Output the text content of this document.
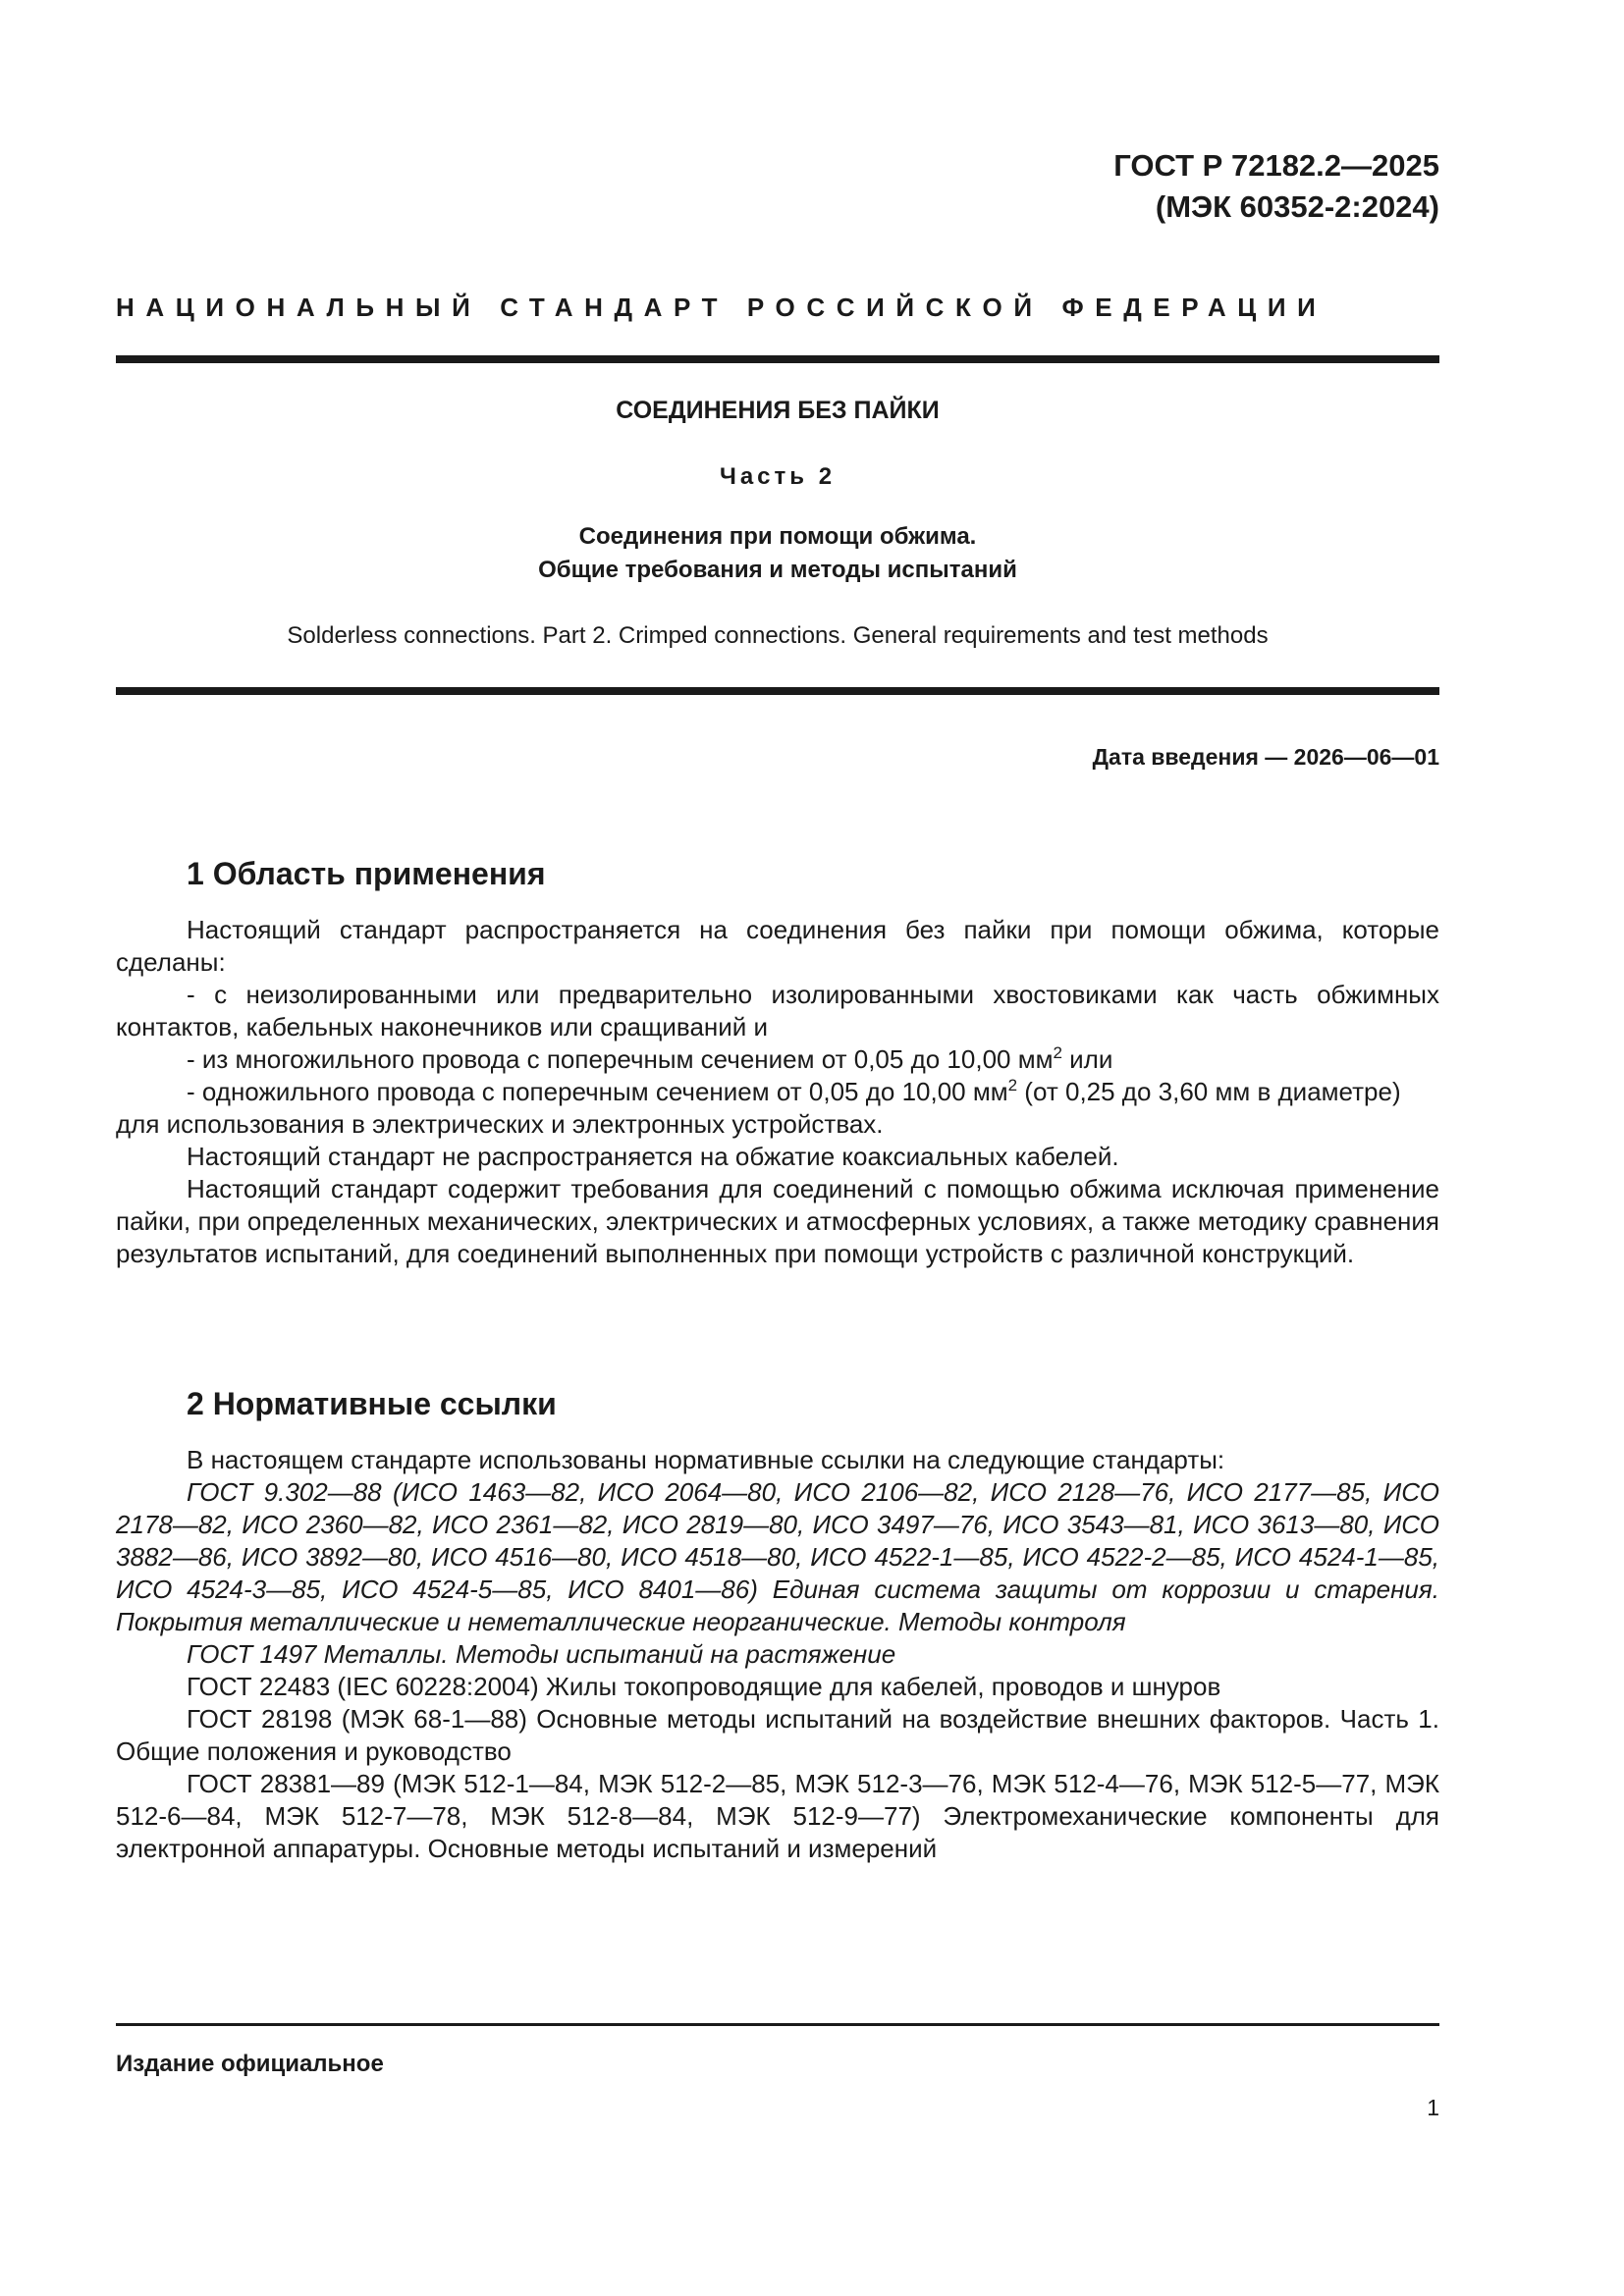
ГОСТ Р 72182.2—2025
(МЭК 60352-2:2024)
НАЦИОНАЛЬНЫЙ СТАНДАРТ РОССИЙСКОЙ ФЕДЕРАЦИИ
СОЕДИНЕНИЯ БЕЗ ПАЙКИ
Часть 2
Соединения при помощи обжима.
Общие требования и методы испытаний
Solderless connections. Part 2. Crimped connections. General requirements and test methods
Дата введения — 2026—06—01
1 Область применения

Настоящий стандарт распространяется на соединения без пайки при помощи обжима, которые сделаны:

- с неизолированными или предварительно изолированными хвостовиками как часть обжимных контактов, кабельных наконечников или сращиваний и

- из многожильного провода с поперечным сечением от 0,05 до 10,00 $мм^2$ или

- одножильного провода с поперечным сечением от 0,05 до 10,00 $мм^2$ (от 0,25 до 3,60 мм в диаметре)

для использования в электрических и электронных устройствах.

Настоящий стандарт не распространяется на обжатие коаксиальных кабелей.

Настоящий стандарт содержит требования для соединений с помощью обжима исключая применение пайки, при определенных механических, электрических и атмосферных условиях, а также методику сравнения результатов испытаний, для соединений выполненных при помощи устройств с различной конструкций.

2 Нормативные ссылки

В настоящем стандарте использованы нормативные ссылки на следующие стандарты:

ГОСТ 9.302—88 (ИСО 1463—82, ИСО 2064—80, ИСО 2106—82, ИСО 2128—76, ИСО 2177—85, ИСО 2178—82, ИСО 2360—82, ИСО 2361—82, ИСО 2819—80, ИСО 3497—76, ИСО 3543—81, ИСО 3613—80, ИСО 3882—86, ИСО 3892—80, ИСО 4516—80, ИСО 4518—80, ИСО 4522-1—85, ИСО 4522-2—85, ИСО 4524-1—85, ИСО 4524-3—85, ИСО 4524-5—85, ИСО 8401—86) Единая система защиты от коррозии и старения. Покрытия металлические и неметаллические неорганические. Методы контроля

ГОСТ 1497 Металлы. Методы испытаний на растяжение

ГОСТ 22483 (IEC 60228:2004) Жилы токопроводящие для кабелей, проводов и шнуров

ГОСТ 28198 (МЭК 68-1—88) Основные методы испытаний на воздействие внешних факторов. Часть 1. Общие положения и руководство

ГОСТ 28381—89 (МЭК 512-1—84, МЭК 512-2—85, МЭК 512-3—76, МЭК 512-4—76, МЭК 512-5—77, МЭК 512-6—84, МЭК 512-7—78, МЭК 512-8—84, МЭК 512-9—77) Электромеханические компоненты для электронной аппаратуры. Основные методы испытаний и измерений

Издание официальное
1
